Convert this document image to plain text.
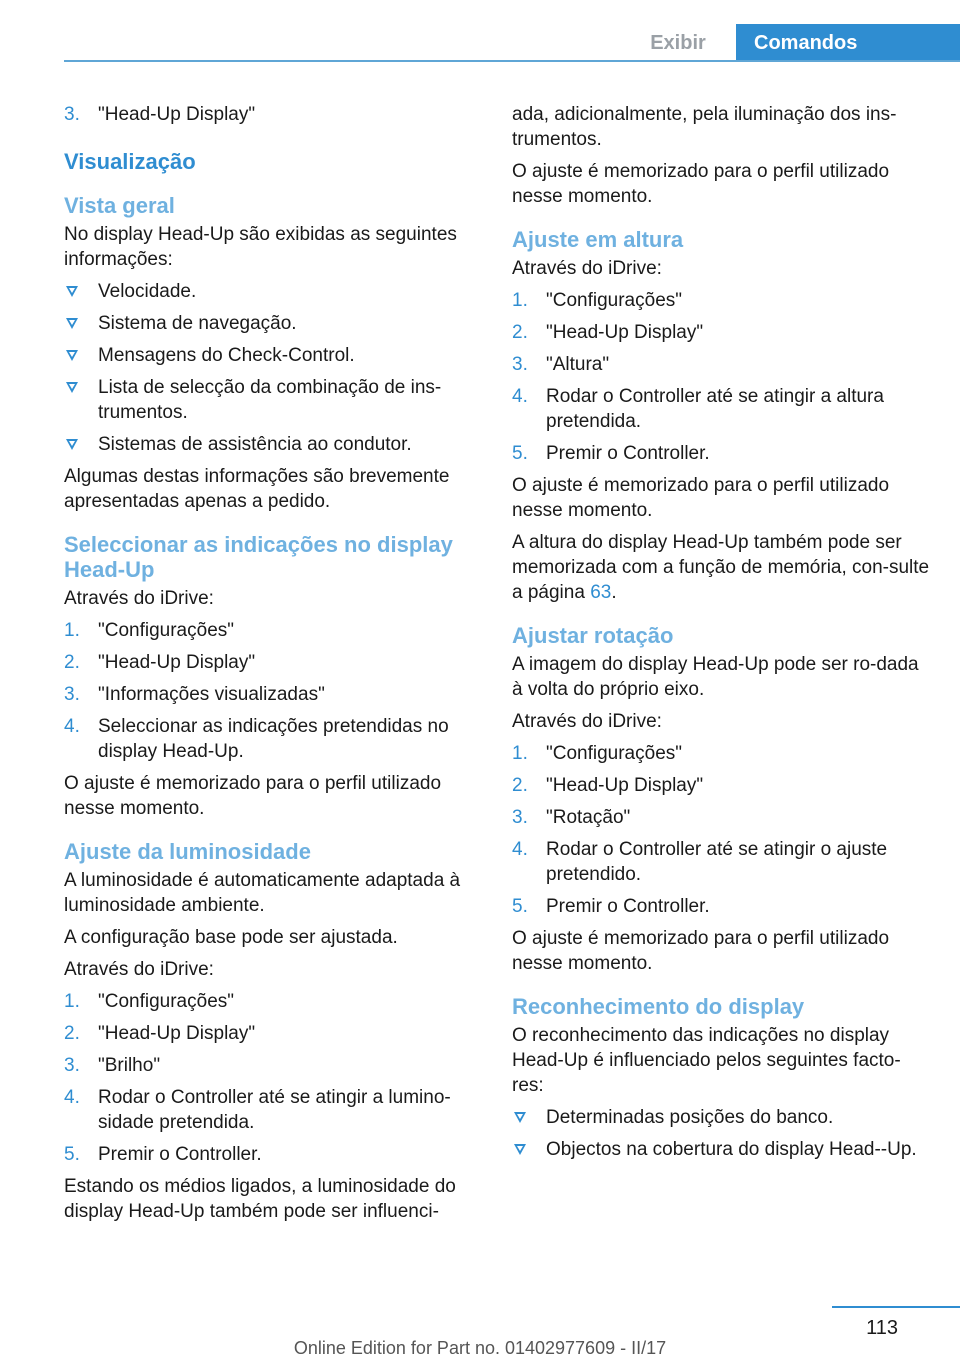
Exibir	Comandos
3. "Head-Up Display"
Visualização
Vista geral

No display Head-Up são exibidas as seguintes informações:

Velocidade.
Sistema de navegação.
Mensagens do Check-Control.
Lista de selecção da combinação de ins-trumentos.
Sistemas de assistência ao condutor.

Algumas destas informações são brevemente apresentadas apenas a pedido.

Seleccionar as indicações no display Head-Up

Através do iDrive:

1. "Configurações"
2. "Head-Up Display"
3. "Informações visualizadas"
4. Seleccionar as indicações pretendidas no display Head-Up.

O ajuste é memorizado para o perfil utilizado nesse momento.

Ajuste da luminosidade

A luminosidade é automaticamente adaptada à luminosidade ambiente.

A configuração base pode ser ajustada.

Através do iDrive:

1. "Configurações"
2. "Head-Up Display"
3. "Brilho"
4. Rodar o Controller até se atingir a lumino-sidade pretendida.
5. Premir o Controller.

Estando os médios ligados, a luminosidade do display Head-Up também pode ser influenci-

ada, adicionalmente, pela iluminação dos ins-trumentos.

O ajuste é memorizado para o perfil utilizado nesse momento.

Ajuste em altura

Através do iDrive:

1. "Configurações"
2. "Head-Up Display"
3. "Altura"
4. Rodar o Controller até se atingir a altura pretendida.
5. Premir o Controller.

O ajuste é memorizado para o perfil utilizado nesse momento.

A altura do display Head-Up também pode ser memorizada com a função de memória, con-sulte a página 63.

Ajustar rotação

A imagem do display Head-Up pode ser ro-dada à volta do próprio eixo.

Através do iDrive:

1. "Configurações"
2. "Head-Up Display"
3. "Rotação"
4. Rodar o Controller até se atingir o ajuste pretendido.
5. Premir o Controller.

O ajuste é memorizado para o perfil utilizado nesse momento.

Reconhecimento do display

O reconhecimento das indicações no display Head-Up é influenciado pelos seguintes facto-res:

Determinadas posições do banco.
Objectos na cobertura do display Head--Up.
113
Online Edition for Part no. 01402977609 - II/17
